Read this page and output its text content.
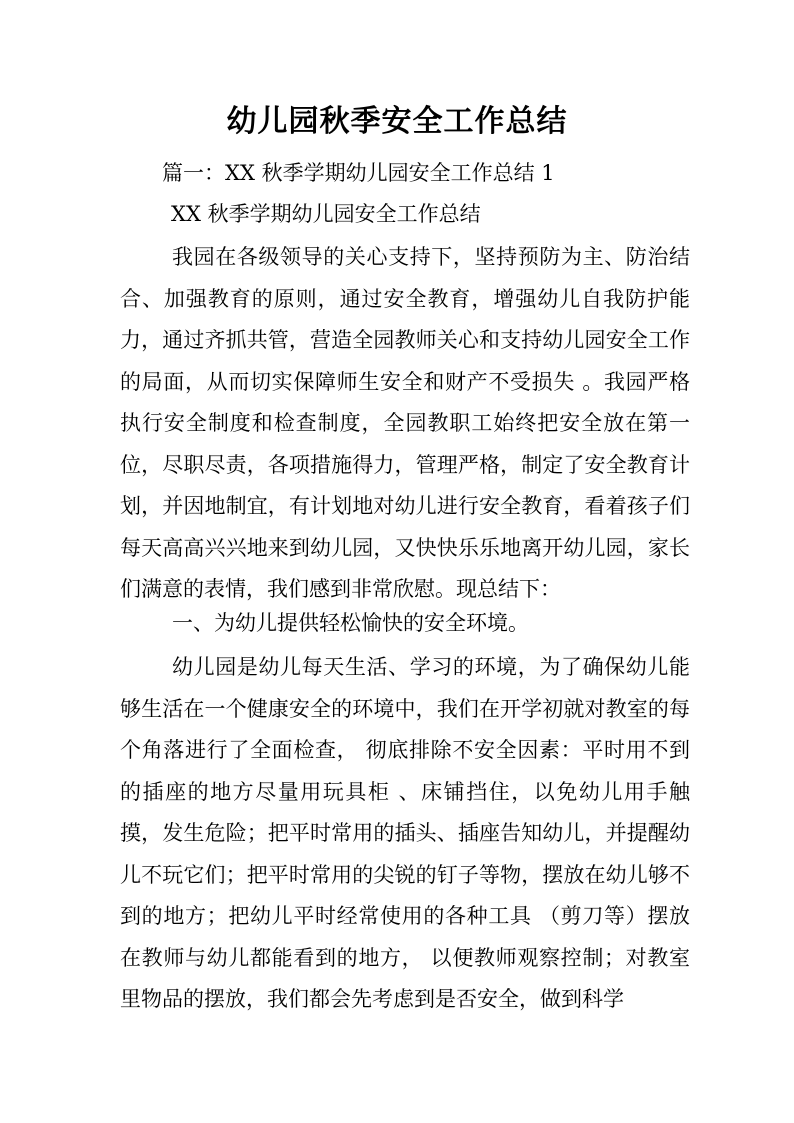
幼儿园秋季安全工作总结
篇一：XX 秋季学期幼儿园安全工作总结 1
XX 秋季学期幼儿园安全工作总结
我园在各级领导的关心支持下，坚持预防为主、防治结合、加强教育的原则，通过安全教育，增强幼儿自我防护能力，通过齐抓共管，营造全园教师关心和支持幼儿园安全工作的局面，从而切实保障师生安全和财产不受损失 。我园严格执行安全制度和检查制度，全园教职工始终把安全放在第一位，尽职尽责，各项措施得力，管理严格，制定了安全教育计划，并因地制宜，有计划地对幼儿进行安全教育，看着孩子们每天高高兴兴地来到幼儿园，又快快乐乐地离开幼儿园，家长们满意的表情，我们感到非常欣慰。现总结下：
一、为幼儿提供轻松愉快的安全环境。
幼儿园是幼儿每天生活、学习的环境，为了确保幼儿能够生活在一个健康安全的环境中，我们在开学初就对教室的每个角落进行了全面检查， 彻底排除不安全因素：平时用不到的插座的地方尽量用玩具柜 、床铺挡住，以免幼儿用手触摸，发生危险；把平时常用的插头、插座告知幼儿，并提醒幼儿不玩它们；把平时常用的尖锐的钉子等物，摆放在幼儿够不到的地方；把幼儿平时经常使用的各种工具 （剪刀等）摆放在教师与幼儿都能看到的地方， 以便教师观察控制；对教室里物品的摆放，我们都会先考虑到是否安全，做到科学
